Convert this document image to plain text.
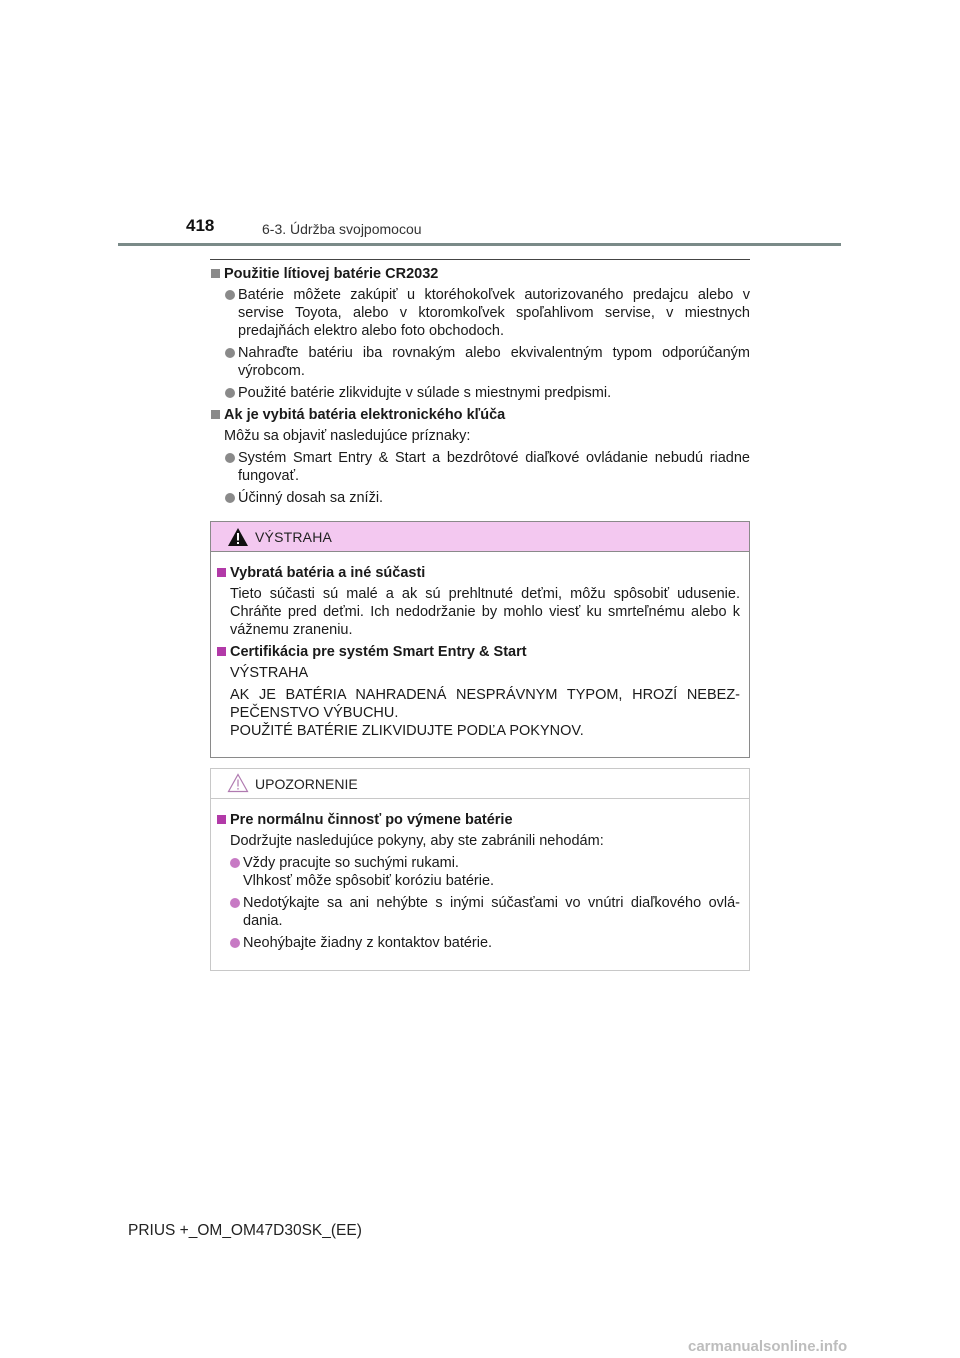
418	6-3. Údržba svojpomocou
Použitie lítiovej batérie CR2032
Batérie môžete zakúpiť u ktoréhokoľvek autorizovaného predajcu alebo v servise Toyota, alebo v ktoromkoľvek spoľahlivom servise, v miestnych predajňách elektro alebo foto obchodoch.
Nahraďte batériu iba rovnakým alebo ekvivalentným typom odporúčaným výrobcom.
Použité batérie zlikvidujte v súlade s miestnymi predpismi.
Ak je vybitá batéria elektronického kľúča
Môžu sa objaviť nasledujúce príznaky:
Systém Smart Entry & Start a bezdrôtové diaľkové ovládanie nebudú riadne fungovať.
Účinný dosah sa zníži.
VÝSTRAHA
Vybratá batéria a iné súčasti
Tieto súčasti sú malé a ak sú prehltnuté deťmi, môžu spôsobiť udusenie. Chráňte pred deťmi. Ich nedodržanie by mohlo viesť ku smrteľnému alebo k vážnemu zraneniu.
Certifikácia pre systém Smart Entry & Start
VÝSTRAHA
AK JE BATÉRIA NAHRADENÁ NESPRÁVNYM TYPOM, HROZÍ NEBEZ-PEČENSTVO VÝBUCHU.
POUŽITÉ BATÉRIE ZLIKVIDUJTE PODĽA POKYNOV.
UPOZORNENIE
Pre normálnu činnosť po výmene batérie
Dodržujte nasledujúce pokyny, aby ste zabránili nehodám:
Vždy pracujte so suchými rukami.
Vlhkosť môže spôsobiť koróziu batérie.
Nedotýkajte sa ani nehýbte s inými súčasťami vo vnútri diaľkového ovlá-dania.
Neohýbajte žiadny z kontaktov batérie.
PRIUS +_OM_OM47D30SK_(EE)
carmanualsonline.info
